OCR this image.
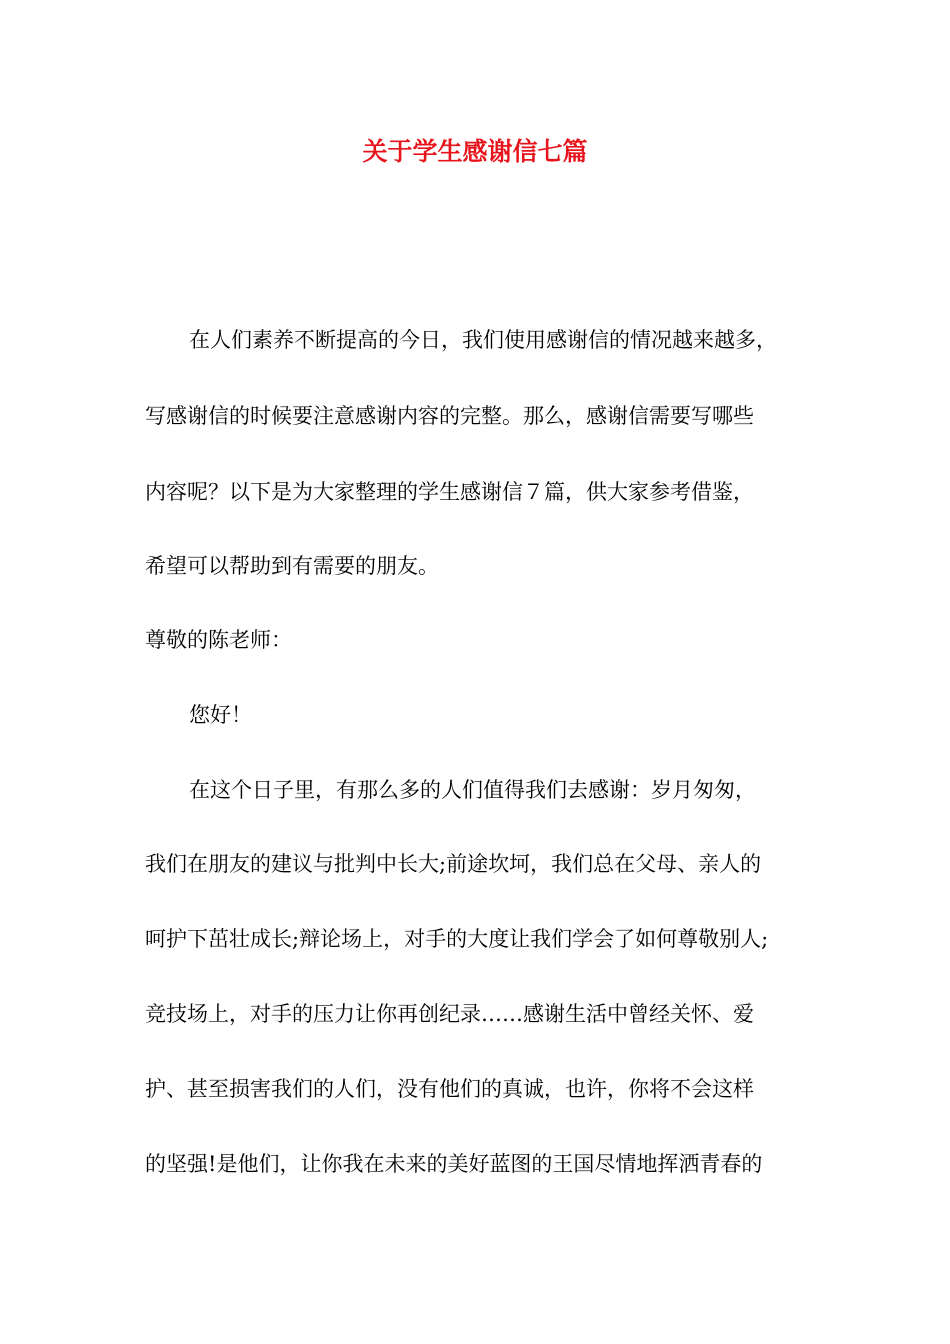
关于学生感谢信七篇

在人们素养不断提高的今日，我们使用感谢信的情况越来越多，

写感谢信的时候要注意感谢内容的完整。那么，感谢信需要写哪些

内容呢？以下是为大家整理的学生感谢信７篇，供大家参考借鉴，

希望可以帮助到有需要的朋友。

尊敬的陈老师：

您好！

在这个日子里，有那么多的人们值得我们去感谢：岁月匆匆，

我们在朋友的建议与批判中长大;前途坎坷，我们总在父母、亲人的

呵护下茁壮成长;辩论场上，对手的大度让我们学会了如何尊敬别人;

竞技场上，对手的压力让你再创纪录……感谢生活中曾经关怀、爱

护、甚至损害我们的人们，没有他们的真诚，也许，你将不会这样

的坚强!是他们，让你我在未来的美好蓝图的王国尽情地挥洒青春的
